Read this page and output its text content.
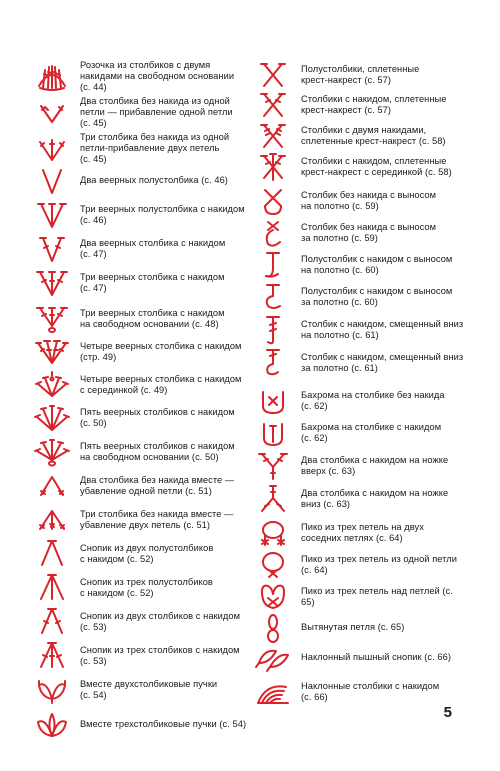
Розочка из столбиков с двумя
накидами на свободном основании
(с. 44)
Два столбика без накида из одной
петли — прибавление одной петли
(с. 45)
Три столбика без накида из одной
петли-прибавление двух петель
(с. 45)
Два веерных полустолбика (с. 46)
Три веерных полустолбика с накидом
(с. 46)
Два веерных столбика с накидом
(с. 47)
Три веерных столбика с накидом
(с. 47)
Три веерных столбика с накидом
на свободном основании (с. 48)
Четыре веерных столбика с накидом
(стр. 49)
Четыре веерных столбика с накидом
с серединкой (с. 49)
Пять веерных столбиков с накидом
(с. 50)
Пять веерных столбиков с накидом
на свободном основании (с. 50)
Два столбика без накида вместе —
убавление одной петли (с. 51)
Три столбика без накида вместе —
убавление двух петель (с. 51)
Снопик из двух полустолбиков
с накидом (с. 52)
Снопик из трех полустолбиков
с накидом (с. 52)
Снопик из двух столбиков с накидом
(с. 53)
Снопик из трех столбиков с накидом
(с. 53)
Вместе двухстолбиковые пучки
(с. 54)
Вместе трехстолбиковые пучки (с. 54)
Полустолбики, сплетенные
крест-накрест (с. 57)
Столбики с накидом, сплетенные
крест-накрест (с. 57)
Столбики с двумя накидами,
сплетенные крест-накрест (с. 58)
Столбики с накидом, сплетенные
крест-накрест с серединкой (с. 58)
Столбик без накида с выносом
на полотно (с. 59)
Столбик без накида с выносом
за полотно (с. 59)
Полустолбик с накидом с выносом
на полотно (с. 60)
Полустолбик с накидом с выносом
за полотно (с. 60)
Столбик с накидом, смещенный вниз
на полотно (с. 61)
Столбик с накидом, смещенный вниз
за полотно (с. 61)
Бахрома на столбике без накида
(с. 62)
Бахрома на столбике с накидом
(с. 62)
Два столбика с накидом на ножке
вверх (с. 63)
Два столбика с накидом на ножке
вниз (с. 63)
Пико из трех петель на двух
соседних петлях (с. 64)
Пико из трех петель из одной петли
(с. 64)
Пико из трех петель над петлей (с.
65)
Вытянутая петля (с. 65)
Наклонный пышный снопик (с. 66)
Наклонные столбики с накидом
(с. 66)
5
